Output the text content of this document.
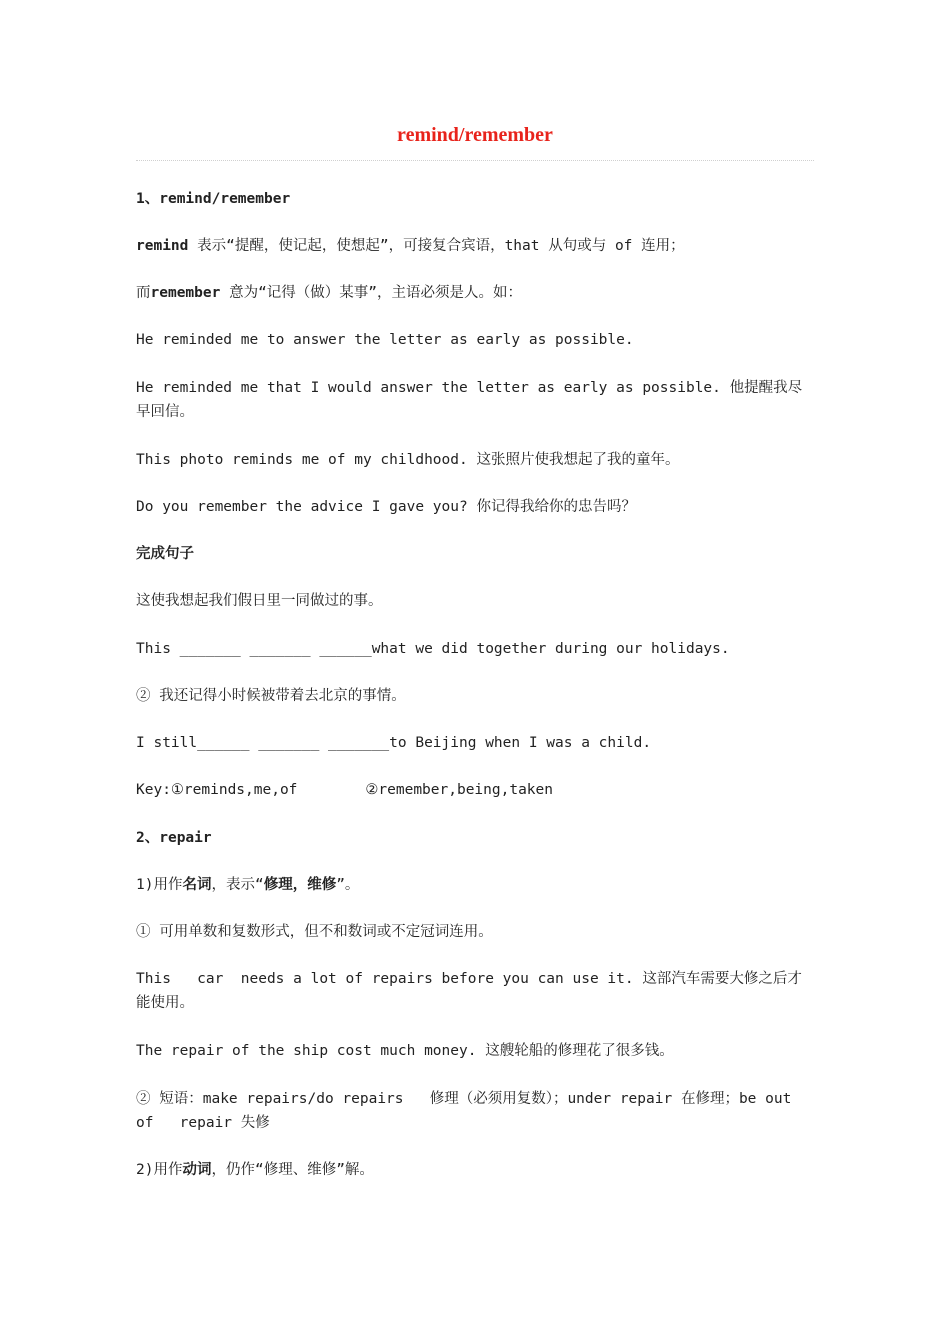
remind/remember
1、remind/remember
remind 表示“提醒，使记起，使想起”，可接复合宾语，that 从句或与 of 连用；
而remember 意为“记得（做）某事”，主语必须是人。如：
He reminded me to answer the letter as early as possible.
He reminded me that I would answer the letter as early as possible. 他提醒我尽早回信。
This photo reminds me of my childhood. 这张照片使我想起了我的童年。
Do you remember the advice I gave you? 你记得我给你的忠告吗？
完成句子
这使我想起我们假日里一同做过的事。
This _______ _______ ______what we did together during our holidays.
② 我还记得小时候被带着去北京的事情。
I still______ _______ _______to Beijing when I was a child.
Key:①reminds,me,of	②remember,being,taken
2、repair
1)用作名词，表示“修理，维修”。
① 可用单数和复数形式，但不和数词或不定冠词连用。
This   car  needs a lot of repairs before you can use it. 这部汽车需要大修之后才能使用。
The repair of the ship cost much money. 这艘轮船的修理花了很多钱。
② 短语：make repairs/do repairs   修理（必须用复数）；under repair 在修理；be out of   repair 失修
2)用作动词，仍作“修理、维修”解。
